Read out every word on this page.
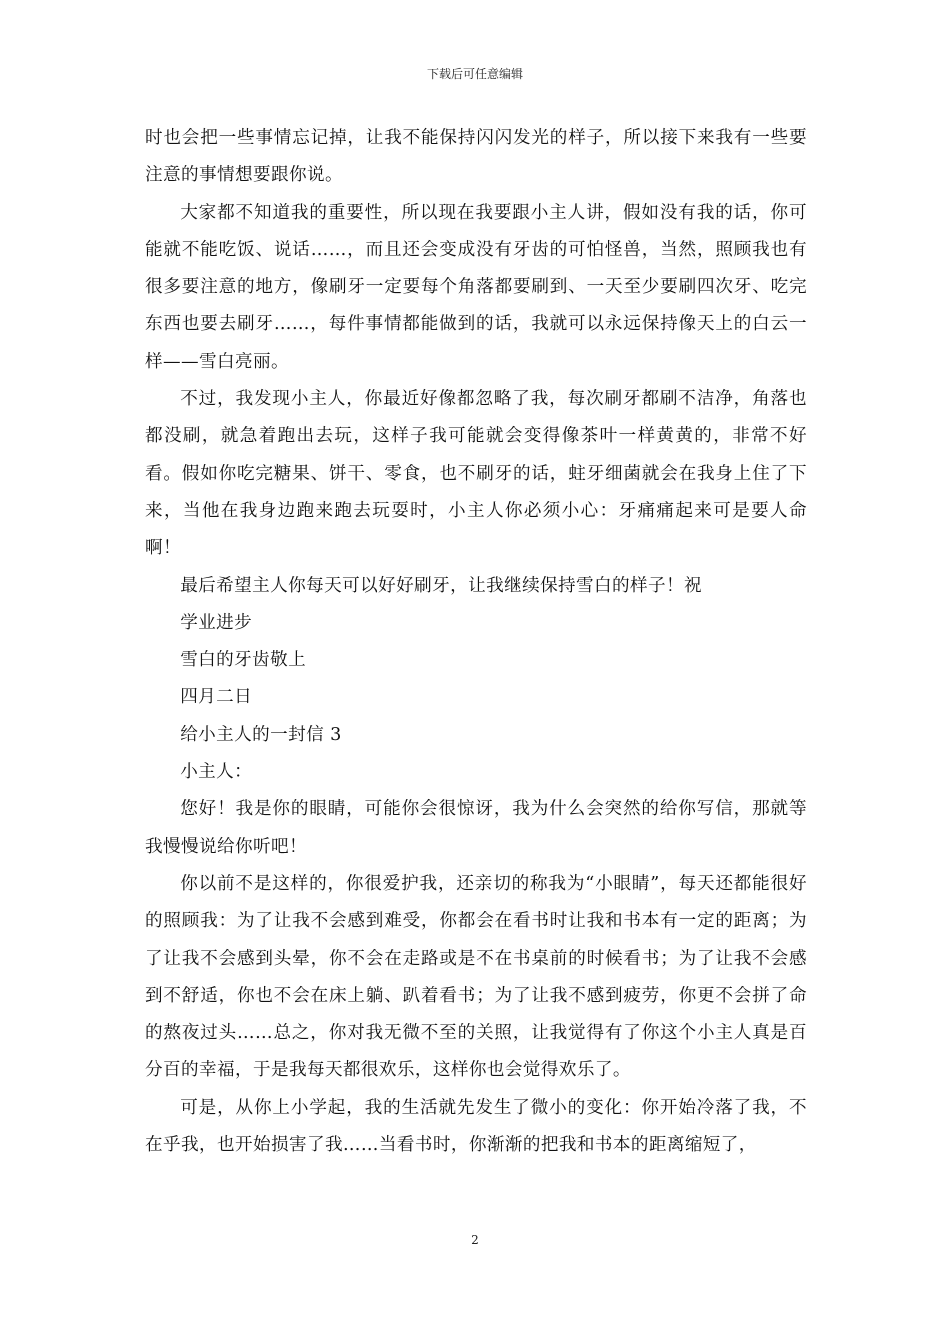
下载后可任意编辑

时也会把一些事情忘记掉，让我不能保持闪闪发光的样子，所以接下来我有一些要注意的事情想要跟你说。

大家都不知道我的重要性，所以现在我要跟小主人讲，假如没有我的话，你可能就不能吃饭、说话……，而且还会变成没有牙齿的可怕怪兽，当然，照顾我也有很多要注意的地方，像刷牙一定要每个角落都要刷到、一天至少要刷四次牙、吃完东西也要去刷牙……，每件事情都能做到的话，我就可以永远保持像天上的白云一样——雪白亮丽。

不过，我发现小主人，你最近好像都忽略了我，每次刷牙都刷不洁净，角落也都没刷，就急着跑出去玩，这样子我可能就会变得像茶叶一样黄黄的，非常不好看。假如你吃完糖果、饼干、零食，也不刷牙的话，蛀牙细菌就会在我身上住了下来，当他在我身边跑来跑去玩耍时，小主人你必须小心：牙痛痛起来可是要人命啊！

最后希望主人你每天可以好好刷牙，让我继续保持雪白的样子！祝

学业进步

雪白的牙齿敬上

四月二日

给小主人的一封信 3

小主人：

您好！我是你的眼睛，可能你会很惊讶，我为什么会突然的给你写信，那就等我慢慢说给你听吧！

你以前不是这样的，你很爱护我，还亲切的称我为“小眼睛”，每天还都能很好的照顾我：为了让我不会感到难受，你都会在看书时让我和书本有一定的距离；为了让我不会感到头晕，你不会在走路或是不在书桌前的时候看书；为了让我不会感到不舒适，你也不会在床上躺、趴着看书；为了让我不感到疲劳，你更不会拼了命的熬夜过头……总之，你对我无微不至的关照，让我觉得有了你这个小主人真是百分百的幸福，于是我每天都很欢乐，这样你也会觉得欢乐了。

可是，从你上小学起，我的生活就先发生了微小的变化：你开始冷落了我，不在乎我，也开始损害了我……当看书时，你渐渐的把我和书本的距离缩短了，

2
